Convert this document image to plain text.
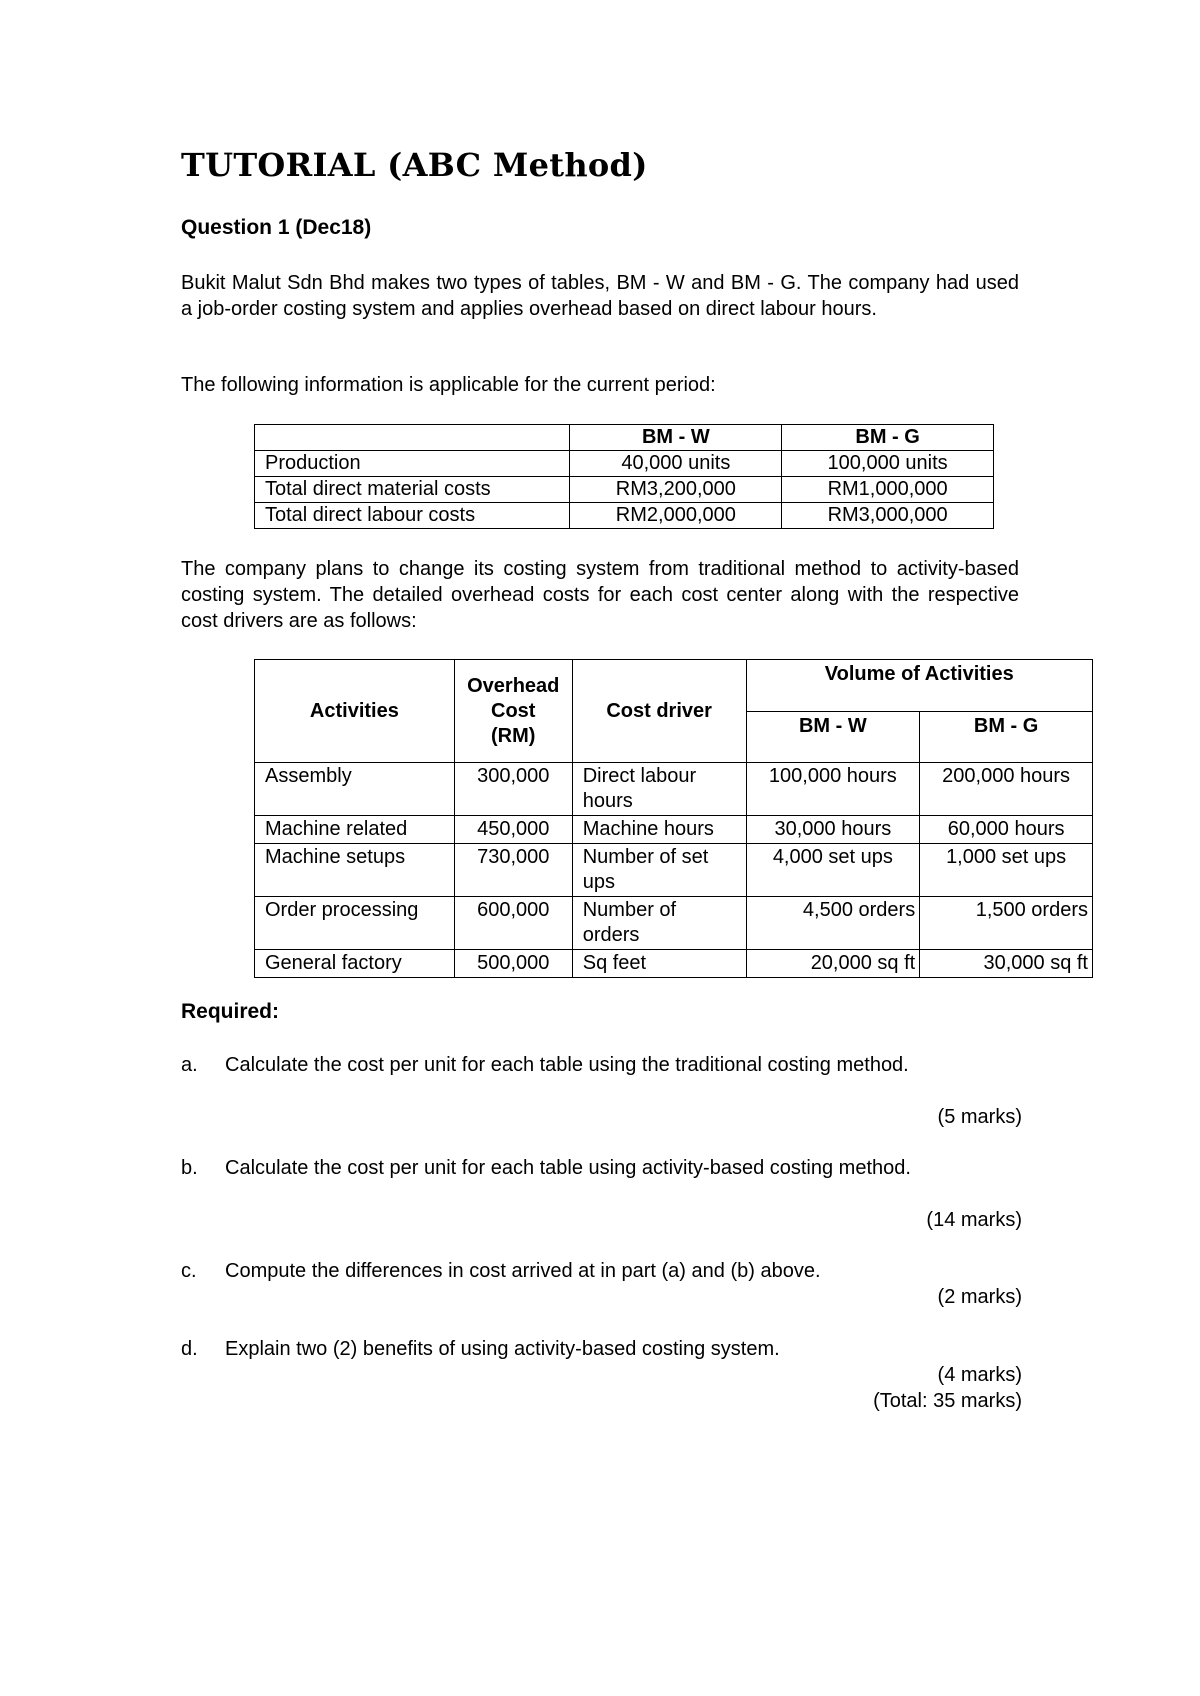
TUTORIAL (ABC Method)
Question 1 (Dec18)
Bukit Malut Sdn Bhd makes two types of tables, BM - W and BM - G. The company had used a job-order costing system and applies overhead based on direct labour hours.
The following information is applicable for the current period:
	BM - W	BM - G
Production	40,000 units	100,000 units
Total direct material costs	RM3,200,000	RM1,000,000
Total direct labour costs	RM2,000,000	RM3,000,000
The company plans to change its costing system from traditional method to activity-based costing system. The detailed overhead costs for each cost center along with the respective cost drivers are as follows:
Activities	Overhead
Cost
(RM)	Cost driver	Volume of Activities	
			BM - W	BM - G
Assembly	300,000	Direct labour hours	100,000 hours	200,000 hours
Machine related	450,000	Machine hours	30,000 hours	60,000 hours
Machine setups	730,000	Number of set ups	4,000 set ups	1,000 set ups
Order processing	600,000	Number of orders	4,500 orders	1,500 orders
General factory	500,000	Sq feet	20,000 sq ft	30,000 sq ft
Required:
a. Calculate the cost per unit for each table using the traditional costing method.
(5 marks)
b. Calculate the cost per unit for each table using activity-based costing method.
(14 marks)
c. Compute the differences in cost arrived at in part (a) and (b) above.
(2 marks)
d. Explain two (2) benefits of using activity-based costing system.
(4 marks)
(Total: 35 marks)
